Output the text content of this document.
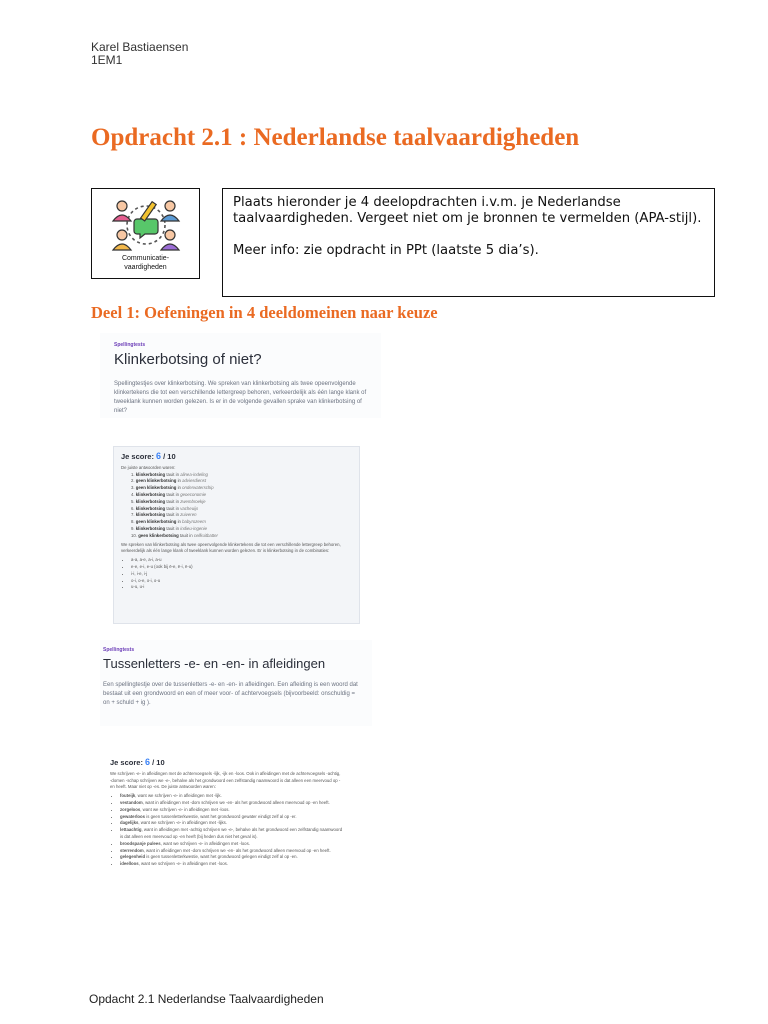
Karel Bastiaensen
1EM1
Opdracht 2.1 : Nederlandse taalvaardigheden
Communicatie-
vaardigheden

Plaats hieronder je 4 deelopdrachten i.v.m. je Nederlandse taalvaardigheden. Vergeet niet om je bronnen te vermelden (APA-stijl).

Meer info: zie opdracht in PPt (laatste 5 dia’s).

Deel 1: Oefeningen in 4 deeldomeinen naar keuze
Spellingtests
Klinkerbotsing of niet?
Spellingtestjes over klinkerbotsing. We spreken van klinkerbotsing als twee opeenvolgende klinkertekens die tot een verschillende lettergreep behoren, verkeerdelijk als één lange klank of tweeklank kunnen worden gelezen. Is er in de volgende gevallen sprake van klinkerbotsing of niet?
Je score: 6 / 10
De juiste antwoorden waren:
1. klinkerbotsing tauit in alinea-indeling
2. geen klinkerbotsing in adviesdienst
3. geen klinkerbotsing in onderwaterschip
4. klinkerbotsing tauit in geoeconomie
5. klinkerbotsing tauit in zwembroekje
6. klinkerbotsing tauit in vacheuijs
7. klinkerbotsing tauit in zuiveren
8. geen klinkerbotsing in babyrozeem
9. klinkerbotsing tauit in indieu-ingenie
10. geen klinkerbotsing tauit in cellkuitbatter
We spreken van klinkerbotsing als twee opeenvolgende klinkertekens die tot een verschillende lettergreep behoren, verkeerdelijk als één lange klank of tweeklank kunnen worden gelezen. Er is klinkerbotsing in de combinaties:
• a-a, a-e, a-i, a-u
• e-e, e-i, e-u (ook bij ë-e, ë-i, ë-u)
• i-i, i-e, i-j
• o-i, o-e, o-i, o-u
• u-u, u-i
Spellingtests
Tussenletters -e- en -en- in afleidingen
Een spellingtestje over de tussenletters -e- en -en- in afleidingen. Een afleiding is een woord dat bestaat uit een grondwoord en een of meer voor- of achtervoegsels (bijvoorbeeld: onschuldig = on + schuld + ig ).
Je score: 6 / 10
We schrijven -e- in afleidingen met de achtervoegsels -lijk, -ijk en -loos. Ook in afleidingen met de achtervoegsels -achtig, -domen -schap schrijven we -e-, behalve als het grondwoord een zelfstandig naamwoord is dat alleen een meervoud op -en heeft. Maar niet op -es. De juiste antwoorden waren:
• fouteijk, want we schrijven -e- in afleidingen met -lijk.
• vestandom, want in afleidingen met -dom schrijven we -en- als het grondwoord alleen meervoud op -en heeft.
• zorgeloos, want we schrijven -e- in afleidingen met -loos.
• gewaterloos is geen tussenletterkwestie, want het grondwoord gewater eindigt zelf al op -er.
• dagelijks, want we schrijven -e- in afleidingen met -lijks.
• lettaachtig, want in afleidingen met -achtig schrijven we -e-, behalve als het grondwoord een zelfstandig naamwoord is dat alleen een meervoud op -en heeft (bij heden dus niet het geval is).
• broodspanje pulees, want we schrijven -e- in afleidingen met -loos.
• sterrendom, want in afleidingen met -dom schrijven we -en- als het grondwoord alleen meervoud op -en heeft.
• gelegenheid is geen tussenletterkwestie, want het grondwoord gelegen eindigt zelf al op -en.
• ideelloos, want we schrijven -e- in afleidingen met -loos.
Opdacht 2.1 Nederlandse Taalvaardigheden
